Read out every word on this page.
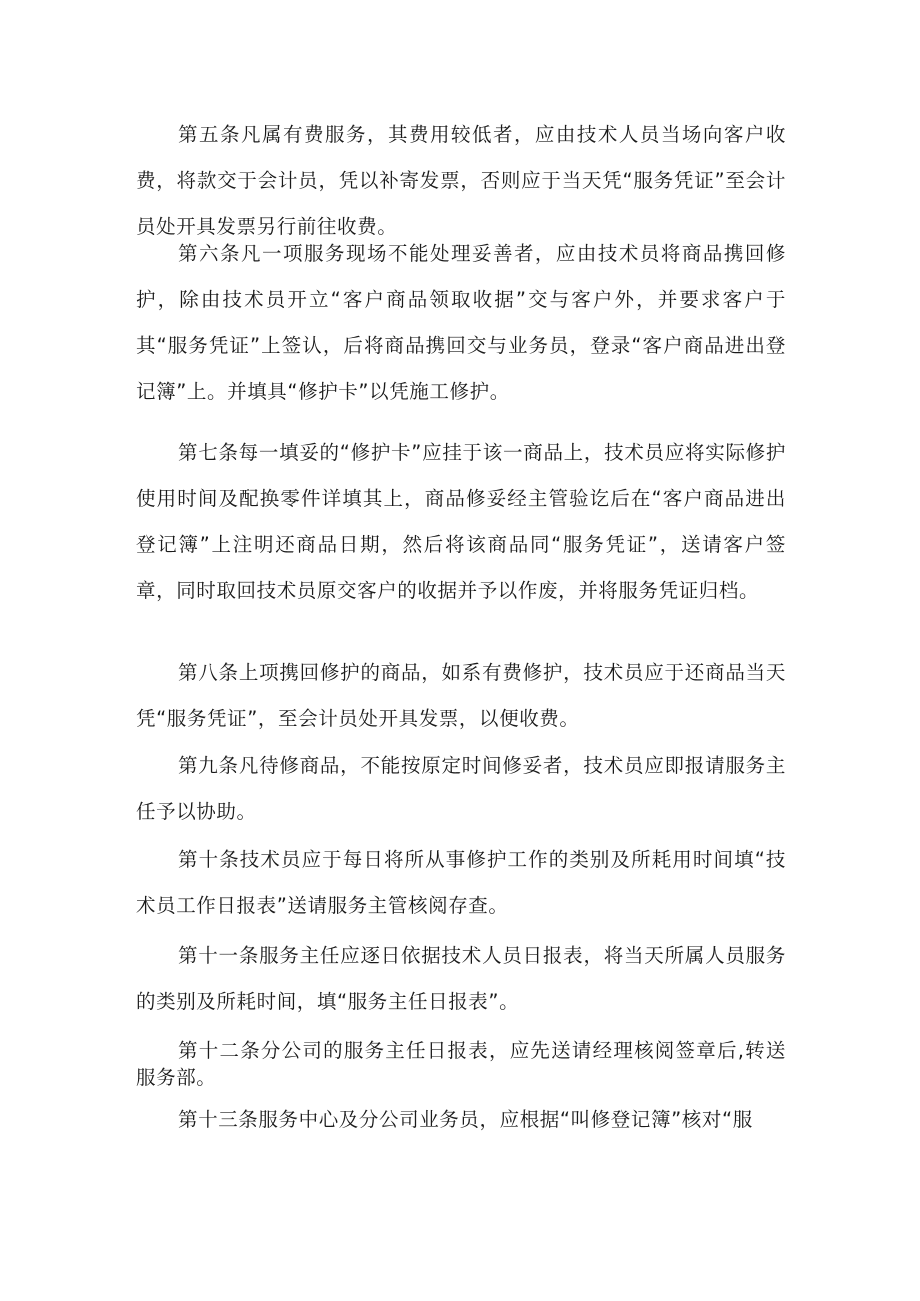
第五条凡属有费服务，其费用较低者，应由技术人员当场向客户收费，将款交于会计员，凭以补寄发票，否则应于当天凭“服务凭证”至会计员处开具发票另行前往收费。

第六条凡一项服务现场不能处理妥善者，应由技术员将商品携回修护，除由技术员开立“客户商品领取收据”交与客户外，并要求客户于其“服务凭证”上签认，后将商品携回交与业务员，登录“客户商品进出登记簿”上。并填具“修护卡”以凭施工修护。

第七条每一填妥的“修护卡”应挂于该一商品上，技术员应将实际修护使用时间及配换零件详填其上，商品修妥经主管验讫后在“客户商品进出登记簿”上注明还商品日期，然后将该商品同“服务凭证”，送请客户签章，同时取回技术员原交客户的收据并予以作废，并将服务凭证归档。

第八条上项携回修护的商品，如系有费修护，技术员应于还商品当天凭“服务凭证”，至会计员处开具发票，以便收费。

第九条凡待修商品，不能按原定时间修妥者，技术员应即报请服务主任予以协助。

第十条技术员应于每日将所从事修护工作的类别及所耗用时间填“技术员工作日报表”送请服务主管核阅存查。

第十一条服务主任应逐日依据技术人员日报表，将当天所属人员服务的类别及所耗时间，填“服务主任日报表”。

第十二条分公司的服务主任日报表，应先送请经理核阅签章后,转送服务部。

第十三条服务中心及分公司业务员，应根据“叫修登记簿”核对“服
